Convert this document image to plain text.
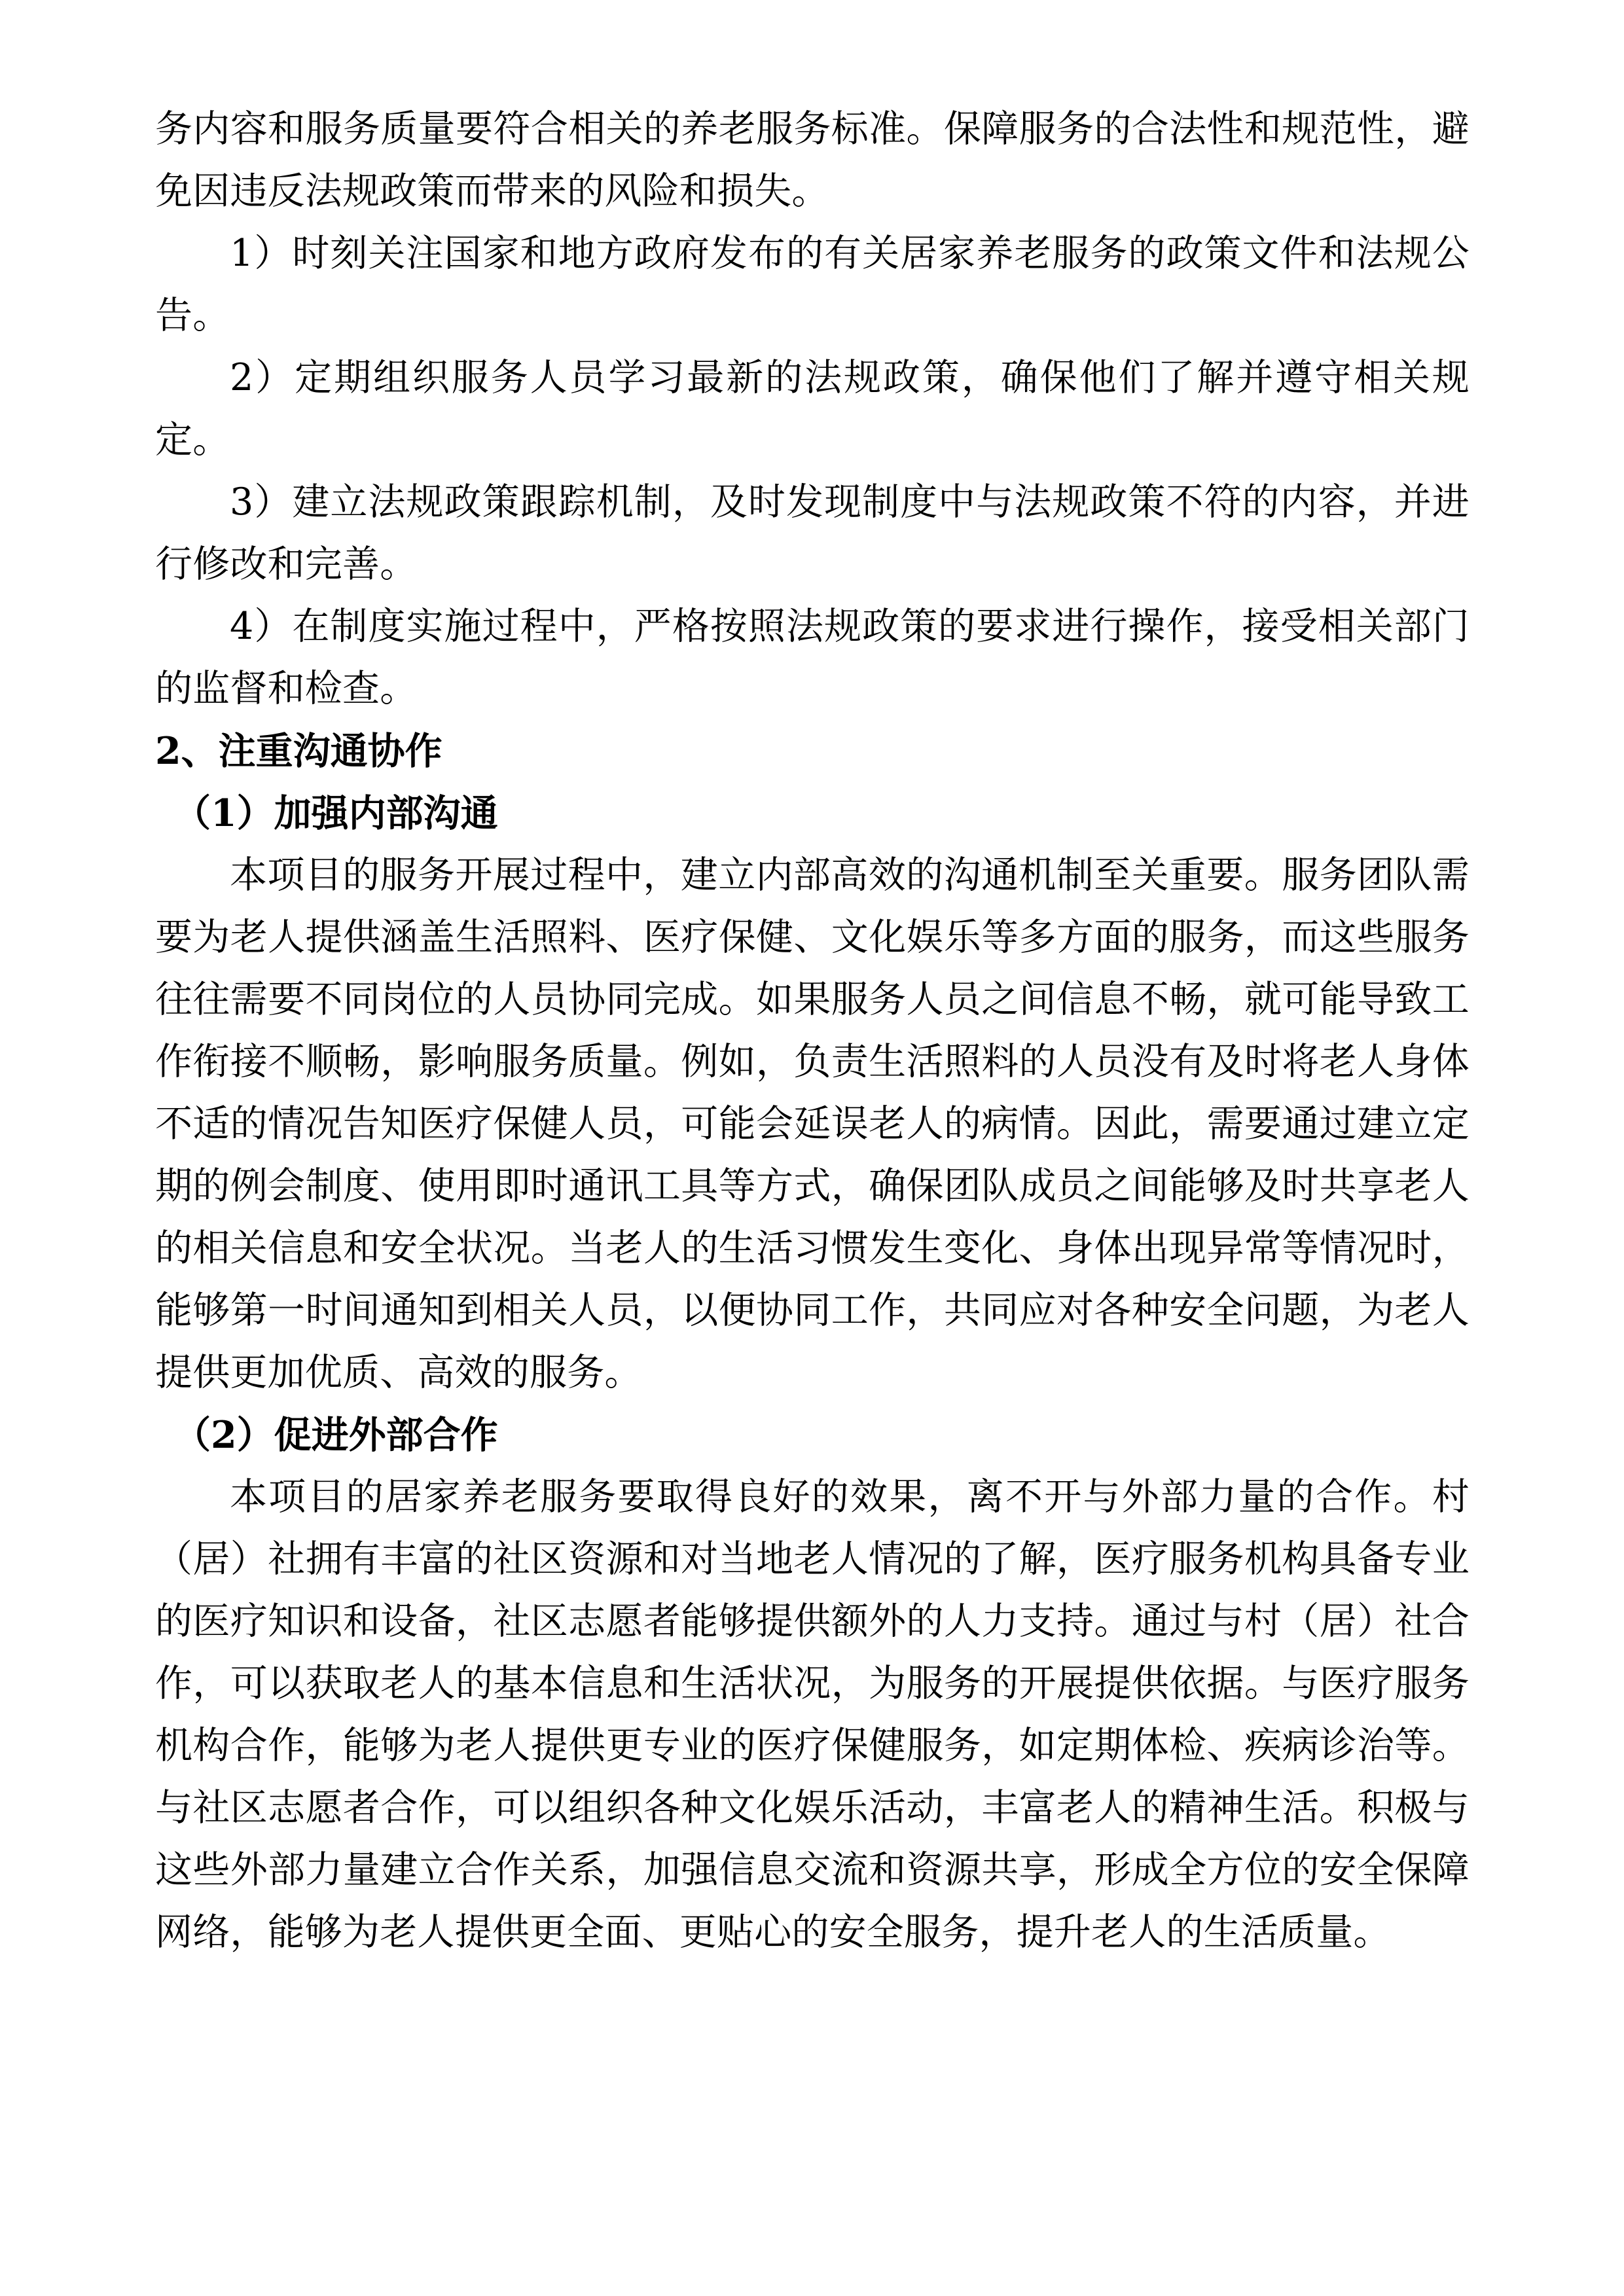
务内容和服务质量要符合相关的养老服务标准。保障服务的合法性和规范性，避免因违反法规政策而带来的风险和损失。

1）时刻关注国家和地方政府发布的有关居家养老服务的政策文件和法规公告。

2）定期组织服务人员学习最新的法规政策，确保他们了解并遵守相关规定。

3）建立法规政策跟踪机制，及时发现制度中与法规政策不符的内容，并进行修改和完善。

4）在制度实施过程中，严格按照法规政策的要求进行操作，接受相关部门的监督和检查。

2、注重沟通协作

（1）加强内部沟通

本项目的服务开展过程中，建立内部高效的沟通机制至关重要。服务团队需要为老人提供涵盖生活照料、医疗保健、文化娱乐等多方面的服务，而这些服务往往需要不同岗位的人员协同完成。如果服务人员之间信息不畅，就可能导致工作衔接不顺畅，影响服务质量。例如，负责生活照料的人员没有及时将老人身体不适的情况告知医疗保健人员，可能会延误老人的病情。因此，需要通过建立定期的例会制度、使用即时通讯工具等方式，确保团队成员之间能够及时共享老人的相关信息和安全状况。当老人的生活习惯发生变化、身体出现异常等情况时，能够第一时间通知到相关人员，以便协同工作，共同应对各种安全问题，为老人提供更加优质、高效的服务。

（2）促进外部合作

本项目的居家养老服务要取得良好的效果，离不开与外部力量的合作。村（居）社拥有丰富的社区资源和对当地老人情况的了解，医疗服务机构具备专业的医疗知识和设备，社区志愿者能够提供额外的人力支持。通过与村（居）社合作，可以获取老人的基本信息和生活状况，为服务的开展提供依据。与医疗服务机构合作，能够为老人提供更专业的医疗保健服务，如定期体检、疾病诊治等。与社区志愿者合作，可以组织各种文化娱乐活动，丰富老人的精神生活。积极与这些外部力量建立合作关系，加强信息交流和资源共享，形成全方位的安全保障网络，能够为老人提供更全面、更贴心的安全服务，提升老人的生活质量。
